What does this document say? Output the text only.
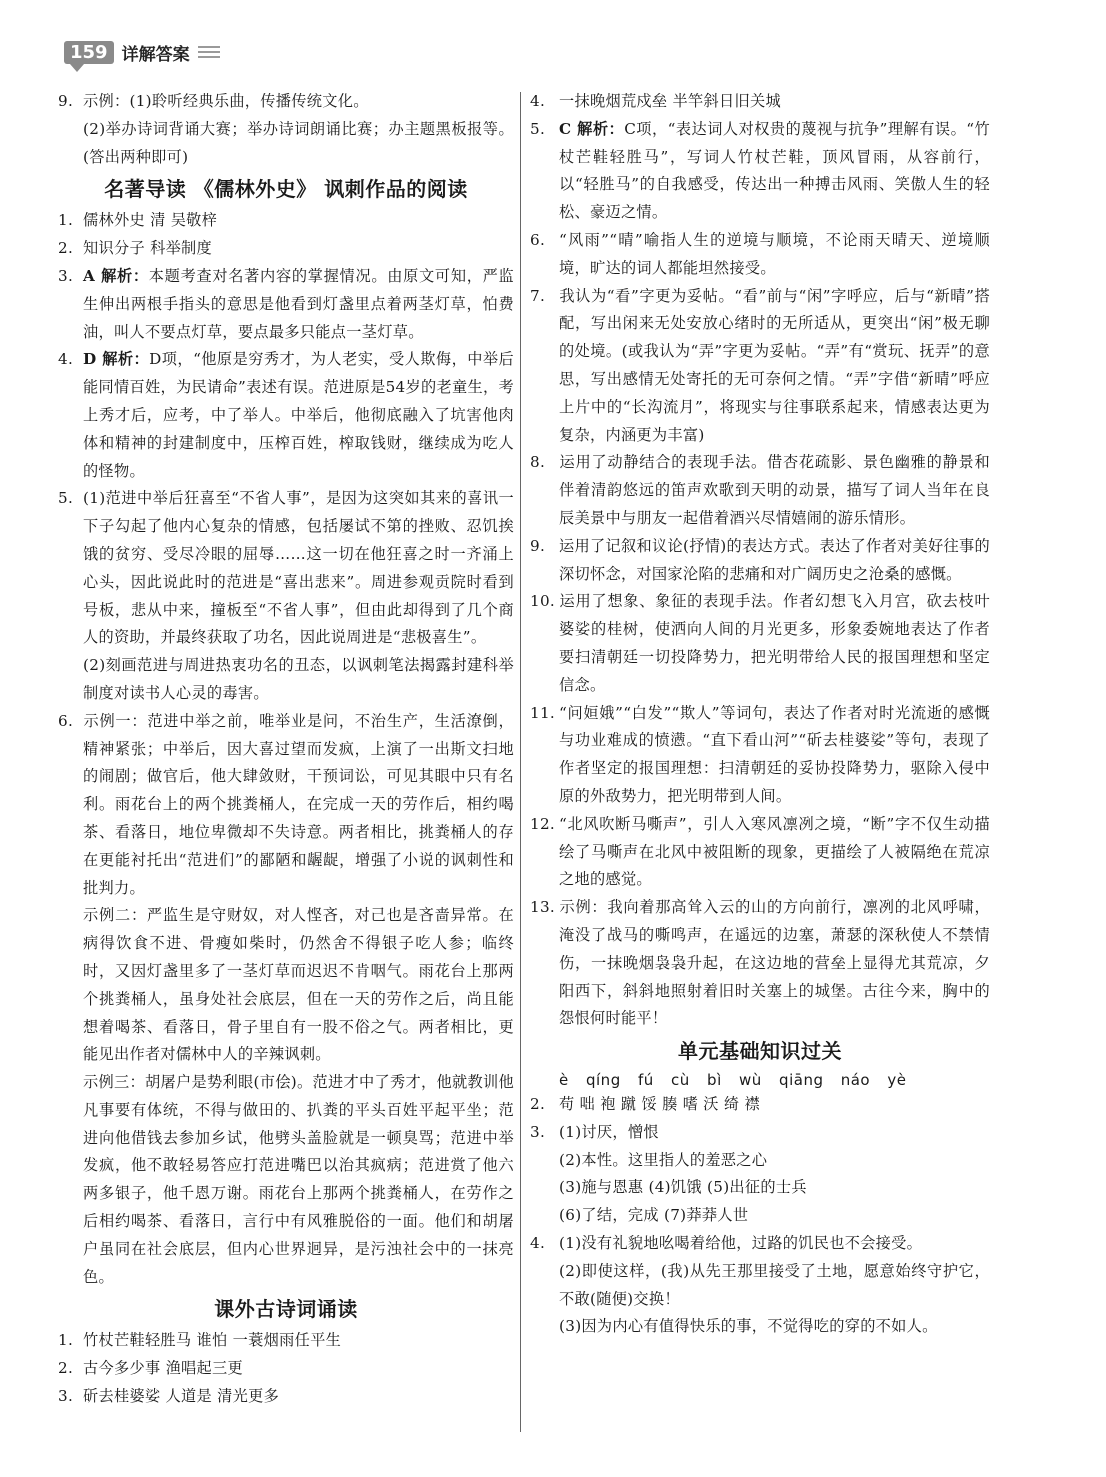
159 详解答案
9. 示例：(1)聆听经典乐曲，传播传统文化。
(2)举办诗词背诵大赛；举办诗词朗诵比赛；办主题黑板报等。(答出两种即可)
名著导读 《儒林外史》 讽刺作品的阅读
1. 儒林外史 清 吴敬梓
2. 知识分子 科举制度
3. A 解析：本题考查对名著内容的掌握情况。由原文可知，严监生伸出两根手指头的意思是他看到灯盏里点着两茎灯草，怕费油，叫人不要点灯草，要点最多只能点一茎灯草。
4. D 解析：D项，“他原是穷秀才，为人老实，受人欺侮，中举后能同情百姓，为民请命”表述有误。范进原是54岁的老童生，考上秀才后，应考，中了举人。中举后，他彻底融入了坑害他肉体和精神的封建制度中，压榨百姓，榨取钱财，继续成为吃人的怪物。
5. (1)范进中举后狂喜至“不省人事”，是因为这突如其来的喜讯一下子勾起了他内心复杂的情感，包括屡试不第的挫败、忍饥挨饿的贫穷、受尽冷眼的屈辱……这一切在他狂喜之时一齐涌上心头，因此说此时的范进是“喜出悲来”。周进参观贡院时看到号板，悲从中来，撞板至“不省人事”，但由此却得到了几个商人的资助，并最终获取了功名，因此说周进是“悲极喜生”。
(2)刻画范进与周进热衷功名的丑态，以讽刺笔法揭露封建科举制度对读书人心灵的毒害。
6. 示例一：范进中举之前，唯举业是问，不治生产，生活潦倒，精神紧张；中举后，因大喜过望而发疯，上演了一出斯文扫地的闹剧；做官后，他大肆敛财，干预词讼，可见其眼中只有名利。雨花台上的两个挑粪桶人，在完成一天的劳作后，相约喝茶、看落日，地位卑微却不失诗意。两者相比，挑粪桶人的存在更能衬托出“范进们”的鄙陋和龌龊，增强了小说的讽刺性和批判力。
示例二：严监生是守财奴，对人悭吝，对己也是吝啬异常。在病得饮食不进、骨瘦如柴时，仍然舍不得银子吃人参；临终时，又因灯盏里多了一茎灯草而迟迟不肯咽气。雨花台上那两个挑粪桶人，虽身处社会底层，但在一天的劳作之后，尚且能想着喝茶、看落日，骨子里自有一股不俗之气。两者相比，更能见出作者对儒林中人的辛辣讽刺。
示例三：胡屠户是势利眼(市侩)。范进才中了秀才，他就教训他凡事要有体统，不得与做田的、扒粪的平头百姓平起平坐；范进向他借钱去参加乡试，他劈头盖脸就是一顿臭骂；范进中举发疯，他不敢轻易答应打范进嘴巴以治其疯病；范进赏了他六两多银子，他千恩万谢。雨花台上那两个挑粪桶人，在劳作之后相约喝茶、看落日，言行中有风雅脱俗的一面。他们和胡屠户虽同在社会底层，但内心世界迥异，是污浊社会中的一抹亮色。
课外古诗词诵读
1. 竹杖芒鞋轻胜马 谁怕 一蓑烟雨任平生
2. 古今多少事 渔唱起三更
3. 斫去桂婆娑 人道是 清光更多
4. 一抹晚烟荒戍垒 半竿斜日旧关城
5. C 解析：C项，“表达词人对权贵的蔑视与抗争”理解有误。“竹杖芒鞋轻胜马”，写词人竹杖芒鞋，顶风冒雨，从容前行，以“轻胜马”的自我感受，传达出一种搏击风雨、笑傲人生的轻松、豪迈之情。
6. “风雨”“晴”喻指人生的逆境与顺境，不论雨天晴天、逆境顺境，旷达的词人都能坦然接受。
7. 我认为“看”字更为妥帖。“看”前与“闲”字呼应，后与“新晴”搭配，写出闲来无处安放心绪时的无所适从，更突出“闲”极无聊的处境。(或我认为“弄”字更为妥帖。“弄”有“赏玩、抚弄”的意思，写出感情无处寄托的无可奈何之情。“弄”字借“新晴”呼应上片中的“长沟流月”，将现实与往事联系起来，情感表达更为复杂，内涵更为丰富)
8. 运用了动静结合的表现手法。借杏花疏影、景色幽雅的静景和伴着清韵悠远的笛声欢歌到天明的动景，描写了词人当年在良辰美景中与朋友一起借着酒兴尽情嬉闹的游乐情形。
9. 运用了记叙和议论(抒情)的表达方式。表达了作者对美好往事的深切怀念，对国家沦陷的悲痛和对广阔历史之沧桑的感慨。
10. 运用了想象、象征的表现手法。作者幻想飞入月宫，砍去枝叶婆娑的桂树，使洒向人间的月光更多，形象委婉地表达了作者要扫清朝廷一切投降势力，把光明带给人民的报国理想和坚定信念。
11. “问姮娥”“白发”“欺人”等词句，表达了作者对时光流逝的感慨与功业难成的愤懑。“直下看山河”“斫去桂婆娑”等句，表现了作者坚定的报国理想：扫清朝廷的妥协投降势力，驱除入侵中原的外敌势力，把光明带到人间。
12. “北风吹断马嘶声”，引人入寒风凛冽之境，“断”字不仅生动描绘了马嘶声在北风中被阻断的现象，更描绘了人被隔绝在荒凉之地的感觉。
13. 示例：我向着那高耸入云的山的方向前行，凛冽的北风呼啸，淹没了战马的嘶鸣声，在遥远的边塞，萧瑟的深秋使人不禁情伤，一抹晚烟袅袅升起，在这边地的营垒上显得尤其荒凉，夕阳西下，斜斜地照射着旧时关塞上的城堡。古往今来，胸中的怨恨何时能平！
单元基础知识过关
è qíng fú cù bì wù qiāng náo yè
2. 苟 咄 袍 蹴 馁 腠 嗜 沃 绮 襟
3. (1)讨厌，憎恨
(2)本性。这里指人的羞恶之心
(3)施与恩惠 (4)饥饿 (5)出征的士兵
(6)了结，完成 (7)莽莽人世
4. (1)没有礼貌地吆喝着给他，过路的饥民也不会接受。
(2)即使这样，(我)从先王那里接受了土地，愿意始终守护它，不敢(随便)交换！
(3)因为内心有值得快乐的事，不觉得吃的穿的不如人。
